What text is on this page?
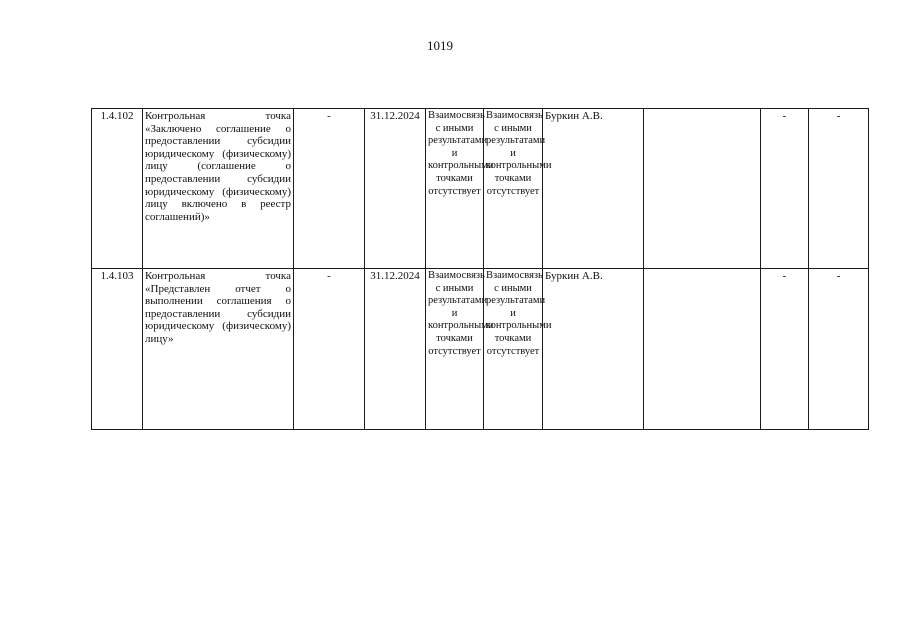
1019
1.4.102	Контрольная точка «Заключено соглашение о предоставлении субсидии юридическому (физическому) лицу (соглашение о предоставлении субсидии юридическому (физическому) лицу включено в реестр соглашений)»	-	31.12.2024	Взаимосвязь с иными результатами и контрольными точками отсутствует	Взаимосвязь с иными результатами и контрольными точками отсутствует	Буркин А.В.		-	-
1.4.103	Контрольная точка «Представлен отчет о выполнении соглашения о предоставлении субсидии юридическому (физическому) лицу»	-	31.12.2024	Взаимосвязь с иными результатами и контрольными точками отсутствует	Взаимосвязь с иными результатами и контрольными точками отсутствует	Буркин А.В.		-	-
